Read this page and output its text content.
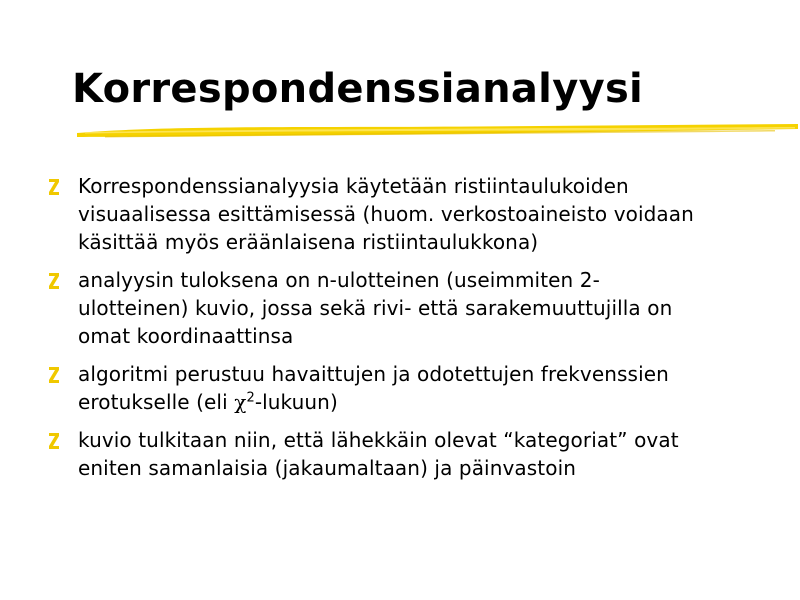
Korrespondenssianalyysi
Korrespondenssianalyysia käytetään ristiintaulukoiden
visuaalisessa esittämisessä (huom. verkostoaineisto voidaan
käsittää myös eräänlaisena ristiintaulukkona)
analyysin tuloksena on n-ulotteinen (useimmiten 2-
ulotteinen) kuvio, jossa sekä rivi- että sarakemuuttujilla on
omat koordinaattinsa
algoritmi perustuu havaittujen ja odotettujen frekvenssien
erotukselle (eli $\chi^2-lukuun$)
kuvio tulkitaan niin, että lähekkäin olevat “kategoriat” ovat
eniten samanlaisia (jakaumaltaan) ja päinvastoin
